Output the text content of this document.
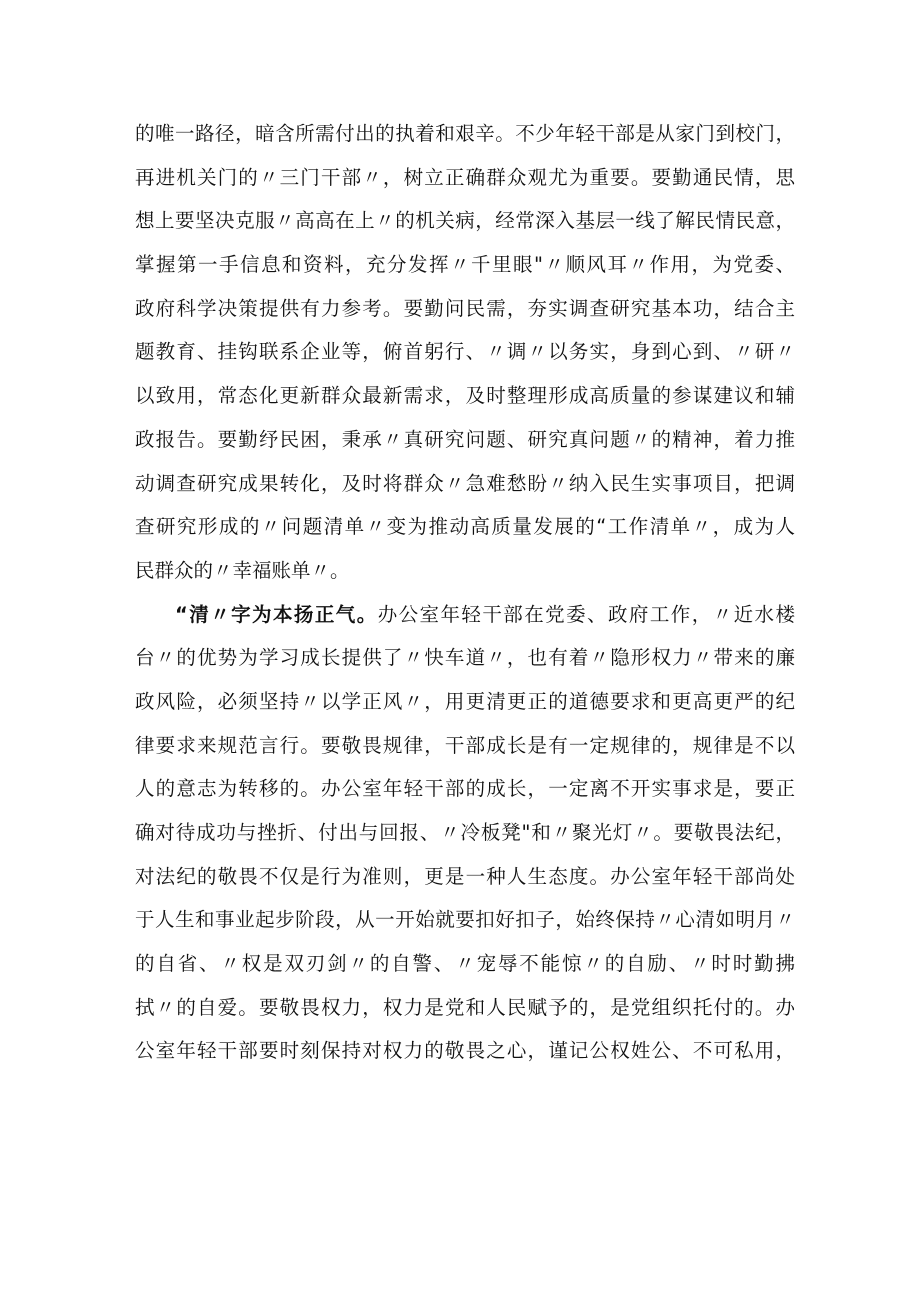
的唯一路径，暗含所需付出的执着和艰辛。不少年轻干部是从家门到校门，
再进机关门的〃三门干部〃，树立正确群众观尤为重要。要勤通民情，思
想上要坚决克服〃高高在上〃的机关病，经常深入基层一线了解民情民意，
掌握第一手信息和资料，充分发挥〃千里眼"〃顺风耳〃作用，为党委、
政府科学决策提供有力参考。要勤问民需，夯实调查研究基本功，结合主
题教育、挂钩联系企业等，俯首躬行、〃调〃以务实，身到心到、〃研〃
以致用，常态化更新群众最新需求，及时整理形成高质量的参谋建议和辅
政报告。要勤纾民困，秉承〃真研究问题、研究真问题〃的精神，着力推
动调查研究成果转化，及时将群众〃急难愁盼〃纳入民生实事项目，把调
查研究形成的〃问题清单〃变为推动高质量发展的“工作清单〃，成为人
民群众的〃幸福账单〃。
“清〃字为本扬正气。办公室年轻干部在党委、政府工作，〃近水楼
台〃的优势为学习成长提供了〃快车道〃，也有着〃隐形权力〃带来的廉
政风险，必须坚持〃以学正风〃，用更清更正的道德要求和更高更严的纪
律要求来规范言行。要敬畏规律，干部成长是有一定规律的，规律是不以
人的意志为转移的。办公室年轻干部的成长，一定离不开实事求是，要正
确对待成功与挫折、付出与回报、〃冷板凳"和〃聚光灯〃。要敬畏法纪，
对法纪的敬畏不仅是行为准则，更是一种人生态度。办公室年轻干部尚处
于人生和事业起步阶段，从一开始就要扣好扣子，始终保持〃心清如明月〃
的自省、〃权是双刃剑〃的自警、〃宠辱不能惊〃的自励、〃时时勤拂
拭〃的自爱。要敬畏权力，权力是党和人民赋予的，是党组织托付的。办
公室年轻干部要时刻保持对权力的敬畏之心，谨记公权姓公、不可私用，
